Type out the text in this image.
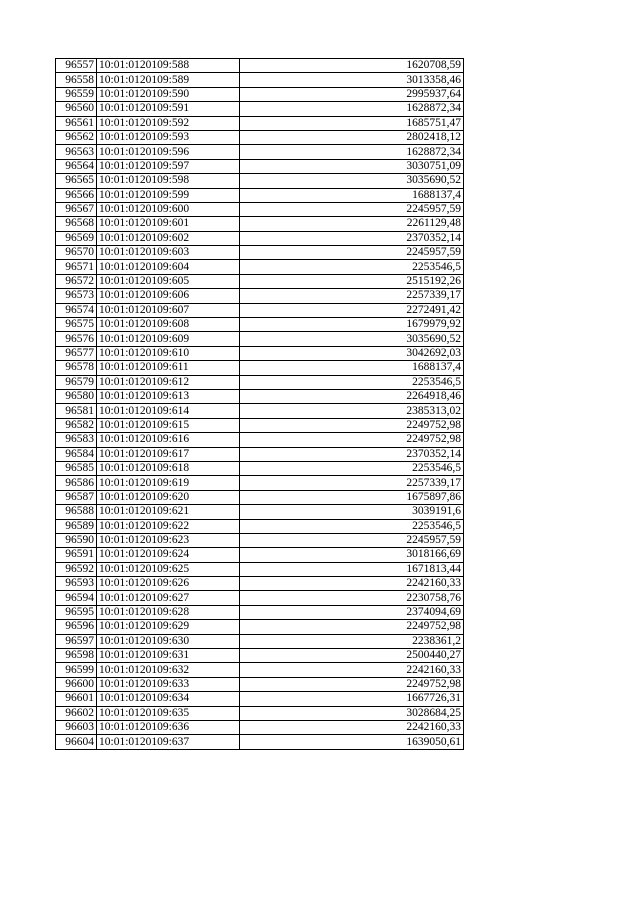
96557	10:01:0120109:588	1620708,59
96558	10:01:0120109:589	3013358,46
96559	10:01:0120109:590	2995937,64
96560	10:01:0120109:591	1628872,34
96561	10:01:0120109:592	1685751,47
96562	10:01:0120109:593	2802418,12
96563	10:01:0120109:596	1628872,34
96564	10:01:0120109:597	3030751,09
96565	10:01:0120109:598	3035690,52
96566	10:01:0120109:599	1688137,4
96567	10:01:0120109:600	2245957,59
96568	10:01:0120109:601	2261129,48
96569	10:01:0120109:602	2370352,14
96570	10:01:0120109:603	2245957,59
96571	10:01:0120109:604	2253546,5
96572	10:01:0120109:605	2515192,26
96573	10:01:0120109:606	2257339,17
96574	10:01:0120109:607	2272491,42
96575	10:01:0120109:608	1679979,92
96576	10:01:0120109:609	3035690,52
96577	10:01:0120109:610	3042692,03
96578	10:01:0120109:611	1688137,4
96579	10:01:0120109:612	2253546,5
96580	10:01:0120109:613	2264918,46
96581	10:01:0120109:614	2385313,02
96582	10:01:0120109:615	2249752,98
96583	10:01:0120109:616	2249752,98
96584	10:01:0120109:617	2370352,14
96585	10:01:0120109:618	2253546,5
96586	10:01:0120109:619	2257339,17
96587	10:01:0120109:620	1675897,86
96588	10:01:0120109:621	3039191,6
96589	10:01:0120109:622	2253546,5
96590	10:01:0120109:623	2245957,59
96591	10:01:0120109:624	3018166,69
96592	10:01:0120109:625	1671813,44
96593	10:01:0120109:626	2242160,33
96594	10:01:0120109:627	2230758,76
96595	10:01:0120109:628	2374094,69
96596	10:01:0120109:629	2249752,98
96597	10:01:0120109:630	2238361,2
96598	10:01:0120109:631	2500440,27
96599	10:01:0120109:632	2242160,33
96600	10:01:0120109:633	2249752,98
96601	10:01:0120109:634	1667726,31
96602	10:01:0120109:635	3028684,25
96603	10:01:0120109:636	2242160,33
96604	10:01:0120109:637	1639050,61
